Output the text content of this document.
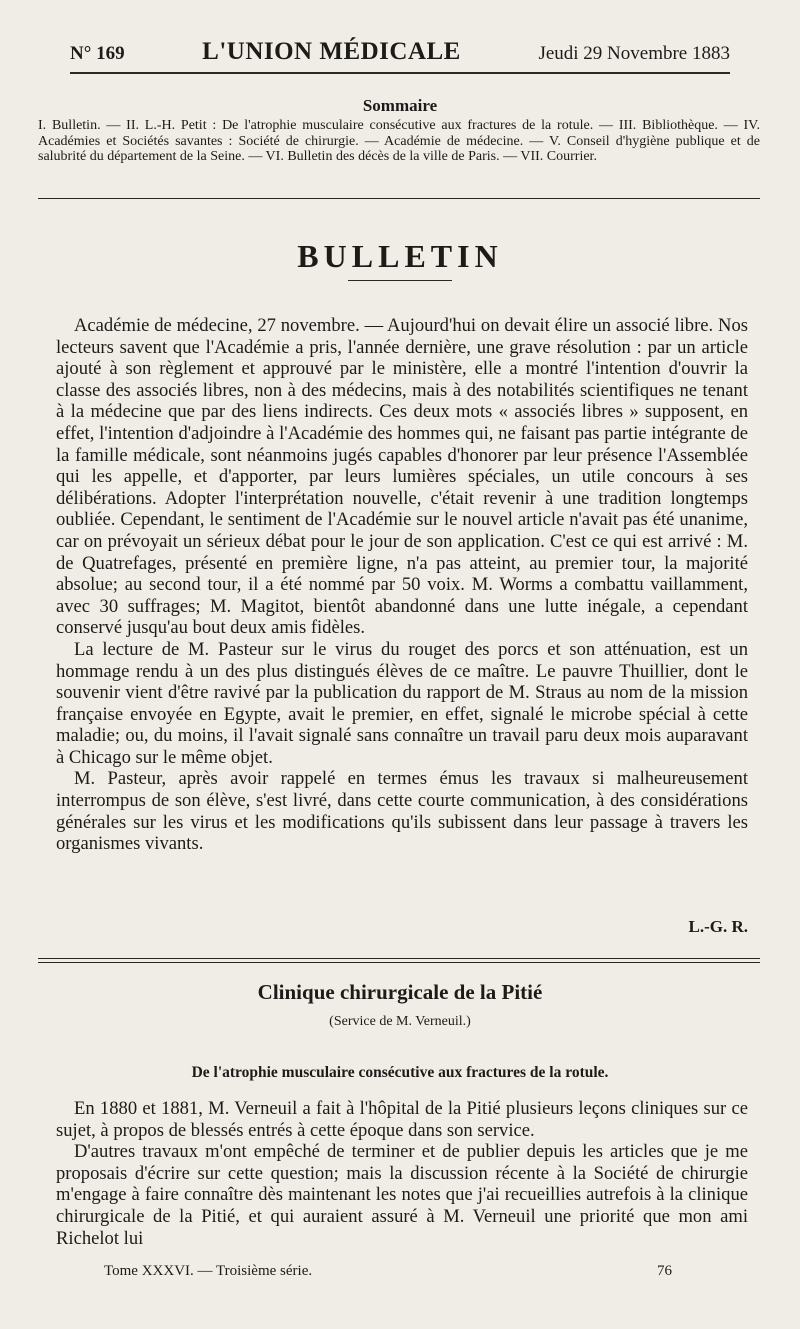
N° 169	L'UNION MÉDICALE	Jeudi 29 Novembre 1883
Sommaire
I. Bulletin. — II. L.-H. Petit : De l'atrophie musculaire consécutive aux fractures de la rotule. — III. Bibliothèque. — IV. Académies et Sociétés savantes : Société de chirurgie. — Académie de médecine. — V. Conseil d'hygiène publique et de salubrité du département de la Seine. — VI. Bulletin des décès de la ville de Paris. — VII. Courrier.
BULLETIN

Académie de médecine, 27 novembre. — Aujourd'hui on devait élire un associé libre. Nos lecteurs savent que l'Académie a pris, l'année dernière, une grave résolution : par un article ajouté à son règlement et approuvé par le ministère, elle a montré l'intention d'ouvrir la classe des associés libres, non à des médecins, mais à des notabilités scientifiques ne tenant à la médecine que par des liens indirects. Ces deux mots « associés libres » supposent, en effet, l'intention d'adjoindre à l'Académie des hommes qui, ne faisant pas partie intégrante de la famille médicale, sont néanmoins jugés capables d'honorer par leur présence l'Assemblée qui les appelle, et d'apporter, par leurs lumières spéciales, un utile concours à ses délibérations. Adopter l'interprétation nouvelle, c'était revenir à une tradition longtemps oubliée. Cependant, le sentiment de l'Académie sur le nouvel article n'avait pas été unanime, car on prévoyait un sérieux débat pour le jour de son application. C'est ce qui est arrivé : M. de Quatrefages, présenté en première ligne, n'a pas atteint, au premier tour, la majorité absolue; au second tour, il a été nommé par 50 voix. M. Worms a combattu vaillamment, avec 30 suffrages; M. Magitot, bientôt abandonné dans une lutte inégale, a cependant conservé jusqu'au bout deux amis fidèles.

La lecture de M. Pasteur sur le virus du rouget des porcs et son atténuation, est un hommage rendu à un des plus distingués élèves de ce maître. Le pauvre Thuillier, dont le souvenir vient d'être ravivé par la publication du rapport de M. Straus au nom de la mission française envoyée en Egypte, avait le premier, en effet, signalé le microbe spécial à cette maladie; ou, du moins, il l'avait signalé sans connaître un travail paru deux mois auparavant à Chicago sur le même objet.

M. Pasteur, après avoir rappelé en termes émus les travaux si malheureusement interrompus de son élève, s'est livré, dans cette courte communication, à des considérations générales sur les virus et les modifications qu'ils subissent dans leur passage à travers les organismes vivants.

L.-G. R.
Clinique chirurgicale de la Pitié
(Service de M. Verneuil.)
De l'atrophie musculaire consécutive aux fractures de la rotule.

En 1880 et 1881, M. Verneuil a fait à l'hôpital de la Pitié plusieurs leçons cliniques sur ce sujet, à propos de blessés entrés à cette époque dans son service.

D'autres travaux m'ont empêché de terminer et de publier depuis les articles que je me proposais d'écrire sur cette question; mais la discussion récente à la Société de chirurgie m'engage à faire connaître dès maintenant les notes que j'ai recueillies autrefois à la clinique chirurgicale de la Pitié, et qui auraient assuré à M. Verneuil une priorité que mon ami Richelot lui

Tome XXXVI. — Troisième série.	76
